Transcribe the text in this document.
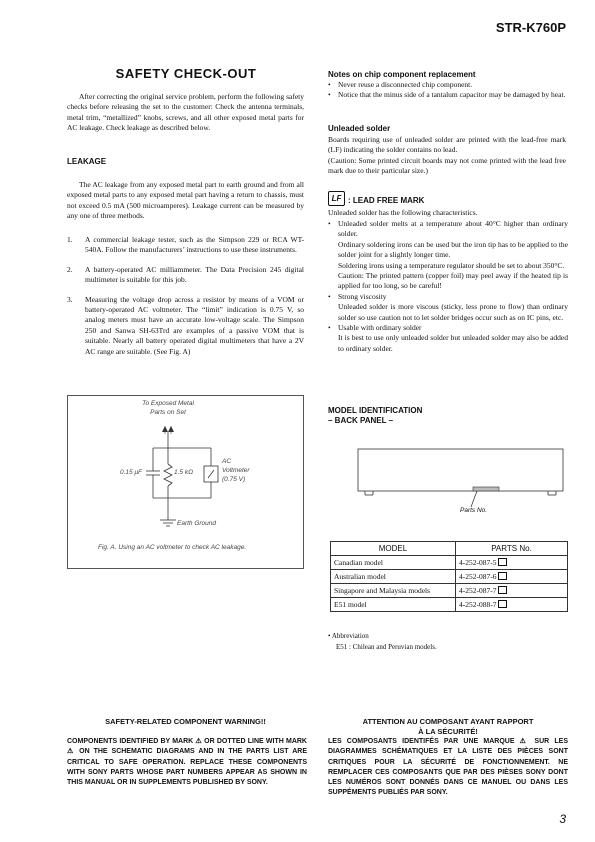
STR-K760P
SAFETY CHECK-OUT
After correcting the original service problem, perform the following safety checks before releasing the set to the customer: Check the antenna terminals, metal trim, “metallized” knobs, screws, and all other exposed metal parts for AC leakage. Check leakage as described below.
LEAKAGE
The AC leakage from any exposed metal part to earth ground and from all exposed metal parts to any exposed metal part having a return to chassis, must not exceed 0.5 mA (500 microamperes). Leakage current can be measured by any one of three methods.
1. A commercial leakage tester, such as the Simpson 229 or RCA WT-540A. Follow the manufacturers’ instructions to use these instruments.
2. A battery-operated AC milliammeter. The Data Precision 245 digital multimeter is suitable for this job.
3. Measuring the voltage drop across a resistor by means of a VOM or battery-operated AC voltmeter. The “limit” indication is 0.75 V, so analog meters must have an accurate low-voltage scale. The Simpson 250 and Sanwa SH-63Trd are examples of a passive VOM that is suitable. Nearly all battery operated digital multimeters that have a 2V AC range are suitable. (See Fig. A)
To Exposed Metal
Parts on Set
0.15 μF	1.5 kΩ
AC
Voltmeter
(0.75 V)
Earth Ground
Fig. A. Using an AC voltmeter to check AC leakage.
Notes on chip component replacement
• Never reuse a disconnected chip component.
• Notice that the minus side of a tantalum capacitor may be damaged by heat.
Unleaded solder

Boards requiring use of unleaded solder are printed with the lead-free mark (LF) indicating the solder contains no lead.

(Caution: Some printed circuit boards may not come printed with the lead free mark due to their particular size.)

LF : LEAD FREE MARK
Unleaded solder has the following characteristics.
• Unleaded solder melts at a temperature about 40°C higher than ordinary solder.
Ordinary soldering irons can be used but the iron tip has to be applied to the solder joint for a slightly longer time.
Soldering irons using a temperature regulator should be set to about 350°C.
Caution: The printed pattern (copper foil) may peel away if the heated tip is applied for too long, so be careful!
• Strong viscosity
Unleaded solder is more viscous (sticky, less prone to flow) than ordinary solder so use caution not to let solder bridges occur such as on IC pins, etc.
• Usable with ordinary solder
It is best to use only unleaded solder but unleaded solder may also be added to ordinary solder.
MODEL IDENTIFICATION
– BACK PANEL –
Parts No.
MODEL	PARTS No.
Canadian model	4-252-087-5
Australian model	4-252-087-6
Singapore and Malaysia models	4-252-087-7
E51 model	4-252-088-7
• Abbreviation
E51 : Chilean and Peruvian models.
SAFETY-RELATED COMPONENT WARNING!!
COMPONENTS IDENTIFIED BY MARK ⚠ OR DOTTED LINE WITH MARK ⚠ ON THE SCHEMATIC DIAGRAMS AND IN THE PARTS LIST ARE CRITICAL TO SAFE OPERATION. REPLACE THESE COMPONENTS WITH SONY PARTS WHOSE PART NUMBERS APPEAR AS SHOWN IN THIS MANUAL OR IN SUPPLEMENTS PUBLISHED BY SONY.
ATTENTION AU COMPOSANT AYANT RAPPORT
À LA SÉCURITÉ!
LES COMPOSANTS IDENTIFÉS PAR UNE MARQUE ⚠ SUR LES DIAGRAMMES SCHÉMATIQUES ET LA LISTE DES PIÈCES SONT CRITIQUES POUR LA SÉCURITÉ DE FONCTIONNEMENT. NE REMPLACER CES COMPOSANTS QUE PAR DES PIÈSES SONY DONT LES NUMÉROS SONT DONNÉS DANS CE MANUEL OU DANS LES SUPPÉMENTS PUBLIÉS PAR SONY.
3
